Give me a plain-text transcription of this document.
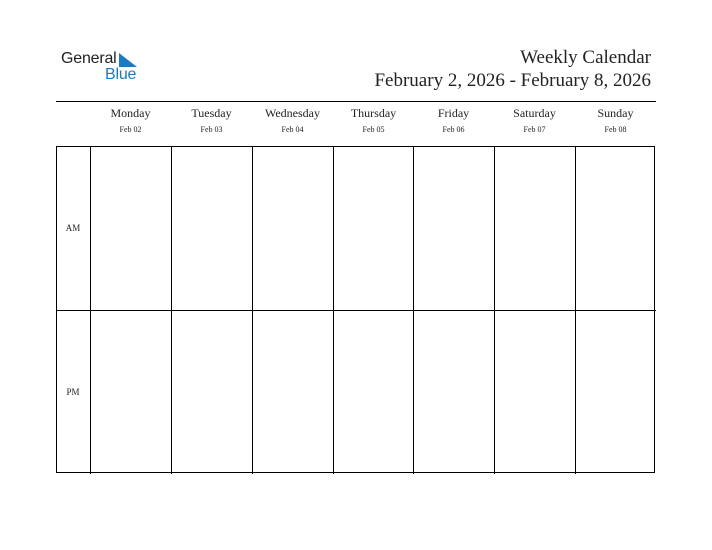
General
Blue
Weekly Calendar
February 2, 2026 - February 8, 2026
Monday
Feb 02
Tuesday
Feb 03
Wednesday
Feb 04
Thursday
Feb 05
Friday
Feb 06
Saturday
Feb 07
Sunday
Feb 08
AM
PM
